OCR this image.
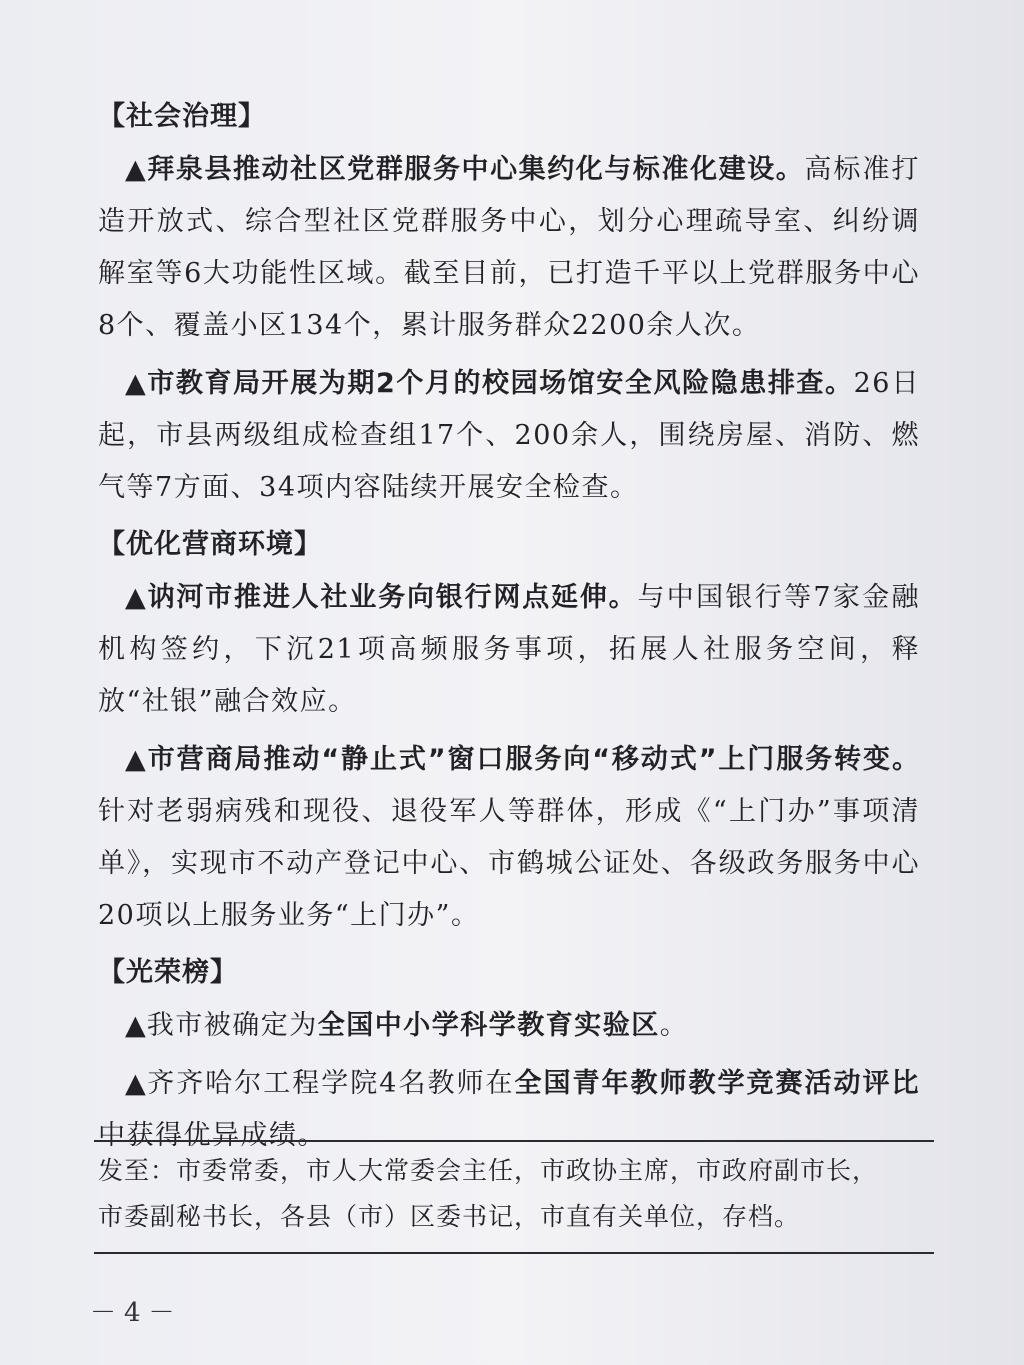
【社会治理】

▲拜泉县推动社区党群服务中心集约化与标准化建设。高标准打造开放式、综合型社区党群服务中心，划分心理疏导室、纠纷调解室等6大功能性区域。截至目前，已打造千平以上党群服务中心8个、覆盖小区134个，累计服务群众2200余人次。

▲市教育局开展为期2个月的校园场馆安全风险隐患排查。26日起，市县两级组成检查组17个、200余人，围绕房屋、消防、燃气等7方面、34项内容陆续开展安全检查。

【优化营商环境】

▲讷河市推进人社业务向银行网点延伸。与中国银行等7家金融机构签约，下沉21项高频服务事项，拓展人社服务空间，释放“社银”融合效应。

▲市营商局推动“静止式”窗口服务向“移动式”上门服务转变。针对老弱病残和现役、退役军人等群体，形成《“上门办”事项清单》，实现市不动产登记中心、市鹤城公证处、各级政务服务中心20项以上服务业务“上门办”。

【光荣榜】

▲我市被确定为全国中小学科学教育实验区。

▲齐齐哈尔工程学院4名教师在全国青年教师教学竞赛活动评比中获得优异成绩。

发至：市委常委，市人大常委会主任，市政协主席，市政府副市长，
市委副秘书长，各县（市）区委书记，市直有关单位，存档。
－4－
